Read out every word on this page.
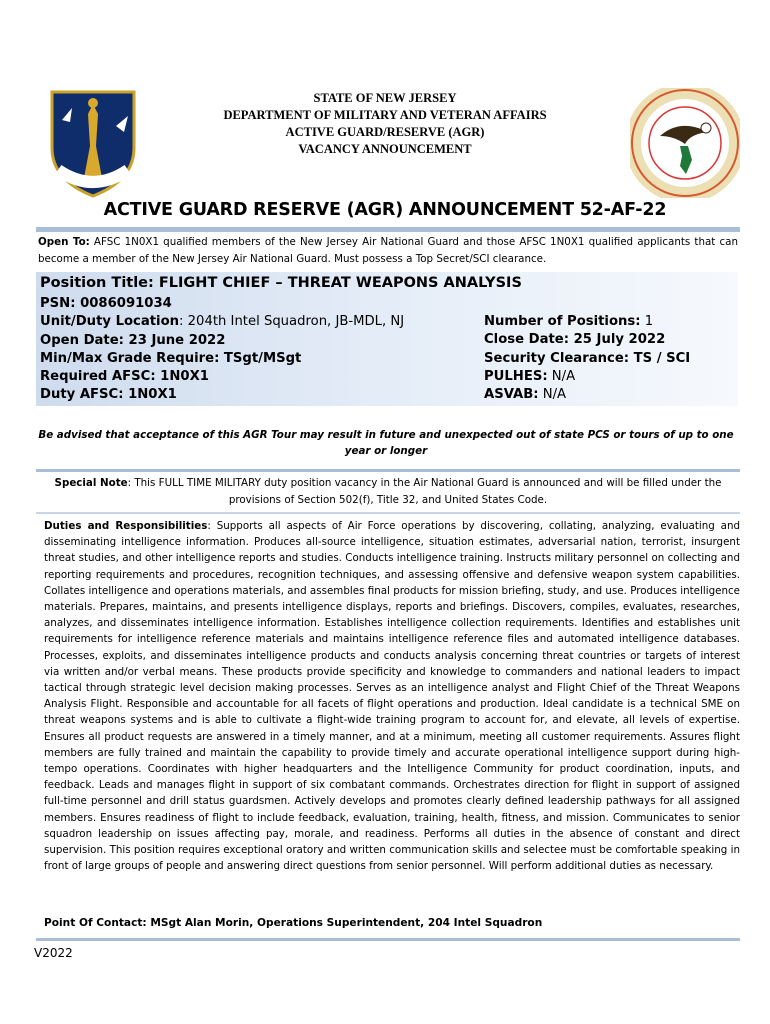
STATE OF NEW JERSEY
DEPARTMENT OF MILITARY AND VETERAN AFFAIRS
ACTIVE GUARD/RESERVE (AGR)
VACANCY ANNOUNCEMENT
ACTIVE GUARD RESERVE (AGR) ANNOUNCEMENT 52-AF-22
Open To: AFSC 1N0X1 qualified members of the New Jersey Air National Guard and those AFSC 1N0X1 qualified applicants that can become a member of the New Jersey Air National Guard. Must possess a Top Secret/SCI clearance.
Position Title: FLIGHT CHIEF – THREAT WEAPONS ANALYSIS
PSN: 0086091034
Unit/Duty Location: 204th Intel Squadron, JB-MDL, NJ
Open Date: 23 June 2022
Min/Max Grade Require: TSgt/MSgt
Required AFSC: 1N0X1
Duty AFSC: 1N0X1
Number of Positions: 1
Close Date: 25 July 2022
Security Clearance: TS / SCI
PULHES: N/A
ASVAB: N/A
Be advised that acceptance of this AGR Tour may result in future and unexpected out of state PCS or tours of up to one year or longer
Special Note: This FULL TIME MILITARY duty position vacancy in the Air National Guard is announced and will be filled under the provisions of Section 502(f), Title 32, and United States Code.
Duties and Responsibilities: Supports all aspects of Air Force operations by discovering, collating, analyzing, evaluating and disseminating intelligence information. Produces all-source intelligence, situation estimates, adversarial nation, terrorist, insurgent threat studies, and other intelligence reports and studies. Conducts intelligence training. Instructs military personnel on collecting and reporting requirements and procedures, recognition techniques, and assessing offensive and defensive weapon system capabilities. Collates intelligence and operations materials, and assembles final products for mission briefing, study, and use. Produces intelligence materials. Prepares, maintains, and presents intelligence displays, reports and briefings. Discovers, compiles, evaluates, researches, analyzes, and disseminates intelligence information. Establishes intelligence collection requirements. Identifies and establishes unit requirements for intelligence reference materials and maintains intelligence reference files and automated intelligence databases. Processes, exploits, and disseminates intelligence products and conducts analysis concerning threat countries or targets of interest via written and/or verbal means. These products provide specificity and knowledge to commanders and national leaders to impact tactical through strategic level decision making processes. Serves as an intelligence analyst and Flight Chief of the Threat Weapons Analysis Flight. Responsible and accountable for all facets of flight operations and production. Ideal candidate is a technical SME on threat weapons systems and is able to cultivate a flight-wide training program to account for, and elevate, all levels of expertise. Ensures all product requests are answered in a timely manner, and at a minimum, meeting all customer requirements. Assures flight members are fully trained and maintain the capability to provide timely and accurate operational intelligence support during high-tempo operations. Coordinates with higher headquarters and the Intelligence Community for product coordination, inputs, and feedback. Leads and manages flight in support of six combatant commands. Orchestrates direction for flight in support of assigned full-time personnel and drill status guardsmen. Actively develops and promotes clearly defined leadership pathways for all assigned members. Ensures readiness of flight to include feedback, evaluation, training, health, fitness, and mission. Communicates to senior squadron leadership on issues affecting pay, morale, and readiness. Performs all duties in the absence of constant and direct supervision. This position requires exceptional oratory and written communication skills and selectee must be comfortable speaking in front of large groups of people and answering direct questions from senior personnel. Will perform additional duties as necessary.
Point Of Contact: MSgt Alan Morin, Operations Superintendent, 204 Intel Squadron
V2022
